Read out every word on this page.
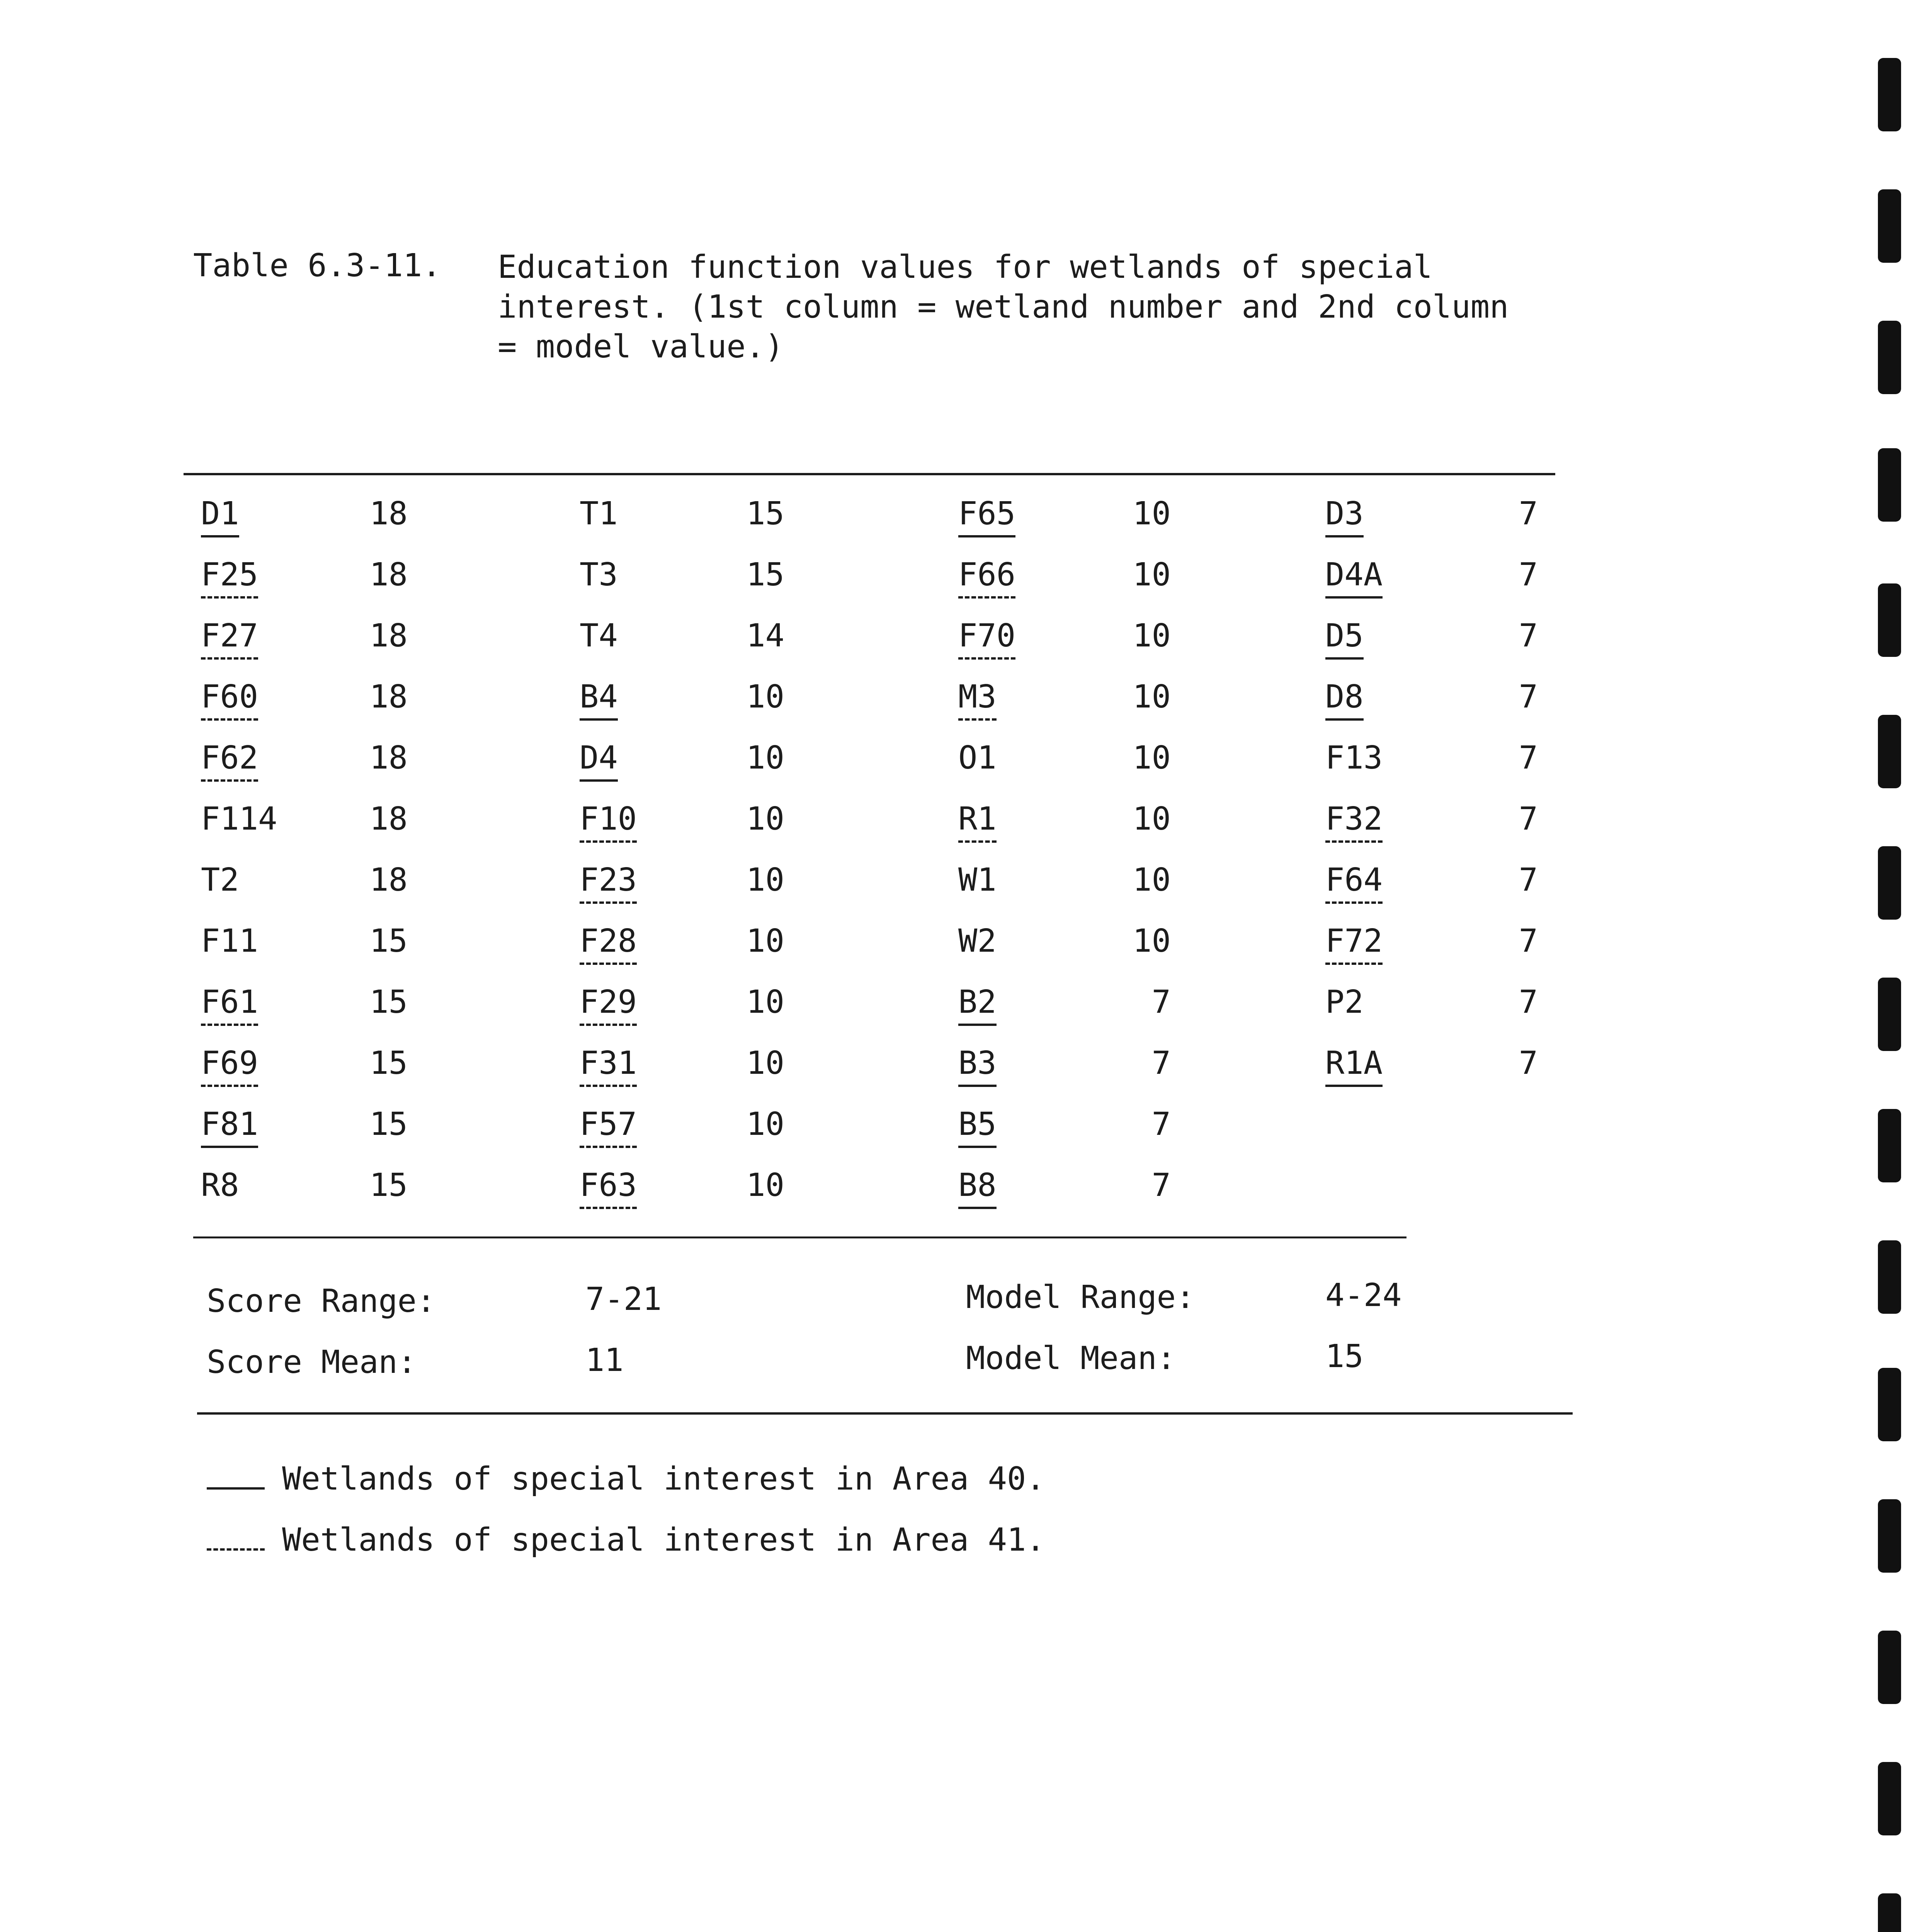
Table 6.3-11. Education function values for wetlands of special interest. (1st column = wetland number and 2nd column = model value.)
D1	18
F25	18
F27	18
F60	18
F62	18
F114	18
T2	18
F11	15
F61	15
F69	15
F81	15
R8	15
T1	15
T3	15
T4	14
B4	10
D4	10
F10	10
F23	10
F28	10
F29	10
F31	10
F57	10
F63	10
F65	10
F66	10
F70	10
M3	10
O1	10
R1	10
W1	10
W2	10
B2	7
B3	7
B5	7
B8	7
D3	7
D4A	7
D5	7
D8	7
F13	7
F32	7
F64	7
F72	7
P2	7
R1A	7
Score Range:	7-21	Model Range:	4-24
Score Mean:	11	Model Mean:	15
Wetlands of special interest in Area 40.
Wetlands of special interest in Area 41.
